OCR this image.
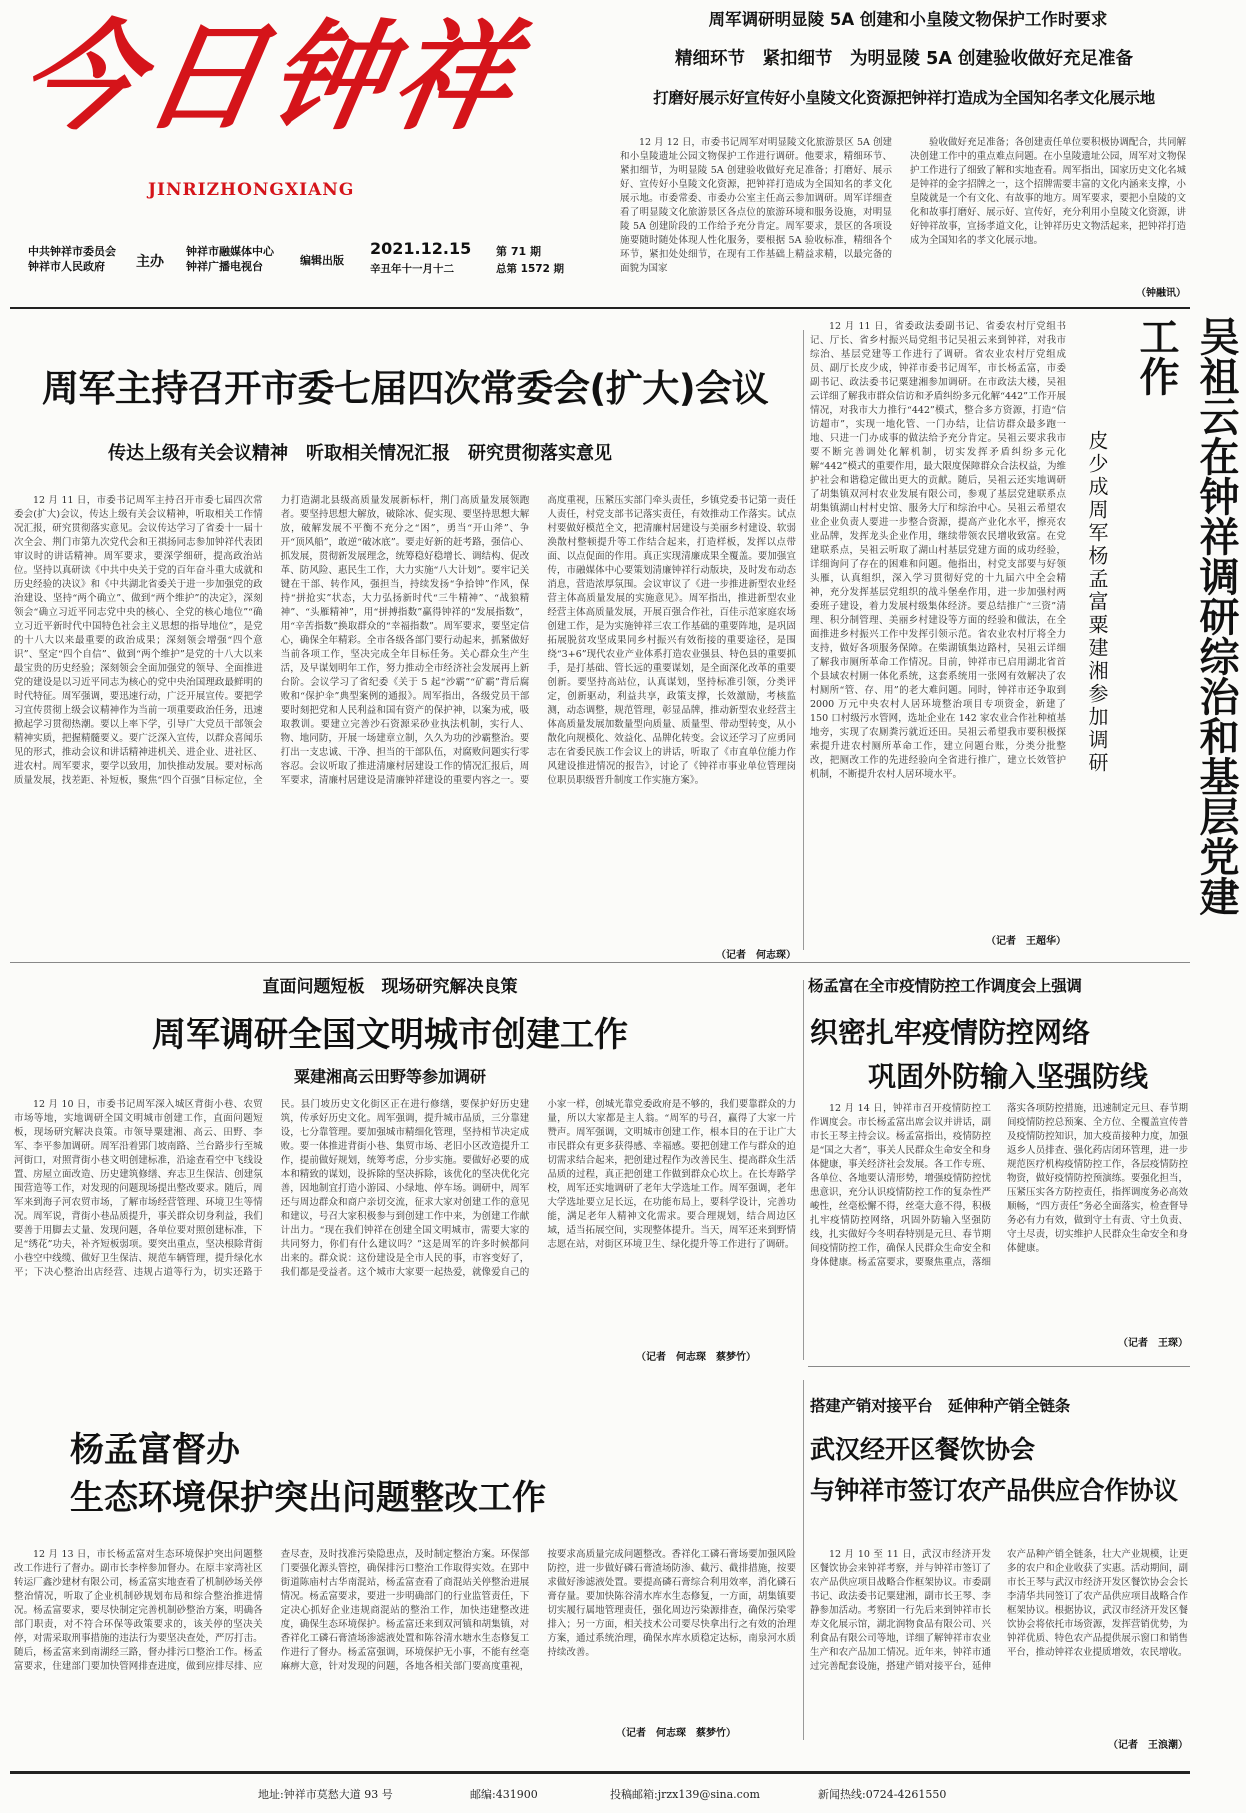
今日钟祥
JINRIZHONGXIANG
中共钟祥市委员会
钟祥市人民政府	主办
钟祥市融媒体中心
钟祥广播电视台	编辑出版
2021.12.15 第 71 期
辛丑年十一月十二	总第 1572 期
周军调研明显陵 5A 创建和小皇陵文物保护工作时要求
精细环节　紧扣细节　为明显陵 5A 创建验收做好充足准备
打磨好展示好宣传好小皇陵文化资源把钟祥打造成为全国知名孝文化展示地

12 月 12 日，市委书记周军对明显陵文化旅游景区 5A 创建和小皇陵遗址公园文物保护工作进行调研。他要求，精细环节、紧扣细节，为明显陵 5A 创建验收做好充足准备；打磨好、展示好、宣传好小皇陵文化资源，把钟祥打造成为全国知名的孝文化展示地。市委常委、市委办公室主任高云参加调研。周军详细查看了明显陵文化旅游景区各点位的旅游环境和服务设施，对明显陵 5A 创建阶段的工作给予充分肯定。周军要求，景区的各项设施要随时随处体现人性化服务，要根据 5A 验收标准，精细各个环节，紧扣处处细节，在现有工作基础上精益求精，以最完备的面貌为国家

验收做好充足准备；各创建责任单位要积极协调配合，共同解决创建工作中的重点难点问题。在小皇陵遗址公园，周军对文物保护工作进行了细致了解和实地查看。周军指出，国家历史文化名城是钟祥的金字招牌之一，这个招牌需要丰富的文化内涵来支撑，小皇陵就是一个有文化、有故事的地方。周军要求，要把小皇陵的文化和故事打磨好、展示好、宣传好，充分利用小皇陵文化资源，讲好钟祥故事，宣扬孝道文化，让钟祥历史文物活起来，把钟祥打造成为全国知名的孝文化展示地。

（钟融讯）
周军主持召开市委七届四次常委会(扩大)会议
传达上级有关会议精神　听取相关情况汇报　研究贯彻落实意见

12 月 11 日，市委书记周军主持召开市委七届四次常委会(扩大)会议，传达上级有关会议精神，听取相关工作情况汇报，研究贯彻落实意见。会议传达学习了省委十一届十次全会、荆门市第九次党代会和王祺扬同志参加钟祥代表团审议时的讲话精神。周军要求，要深学细研，提高政治站位。坚持以真研读《中共中央关于党的百年奋斗重大成就和历史经验的决议》和《中共湖北省委关于进一步加强党的政治建设、坚持“两个确立”、做到“两个维护”的决定》，深刻领会“确立习近平同志党中央的核心、全党的核心地位”“确立习近平新时代中国特色社会主义思想的指导地位”，是党的十八大以来最重要的政治成果；深刻领会增强“四个意识”、坚定“四个自信”、做到“两个维护”是党的十八大以来最宝贵的历史经验；深刻领会全面加强党的领导、全面推进党的建设是以习近平同志为核心的党中央治国理政最鲜明的时代特征。周军强调，要迅速行动，广泛开展宣传。要把学习宣传贯彻上级会议精神作为当前一项重要政治任务，迅速掀起学习贯彻热潮。要以上率下学，引导广大党员干部领会精神实质，把握精髓要义。要广泛深入宣传，以群众喜闻乐见的形式，推动会议和讲话精神进机关、进企业、进社区、进农村。周军要求，要学以致用，加快推动发展。要对标高质量发展，找差距、补短板，聚焦“四个百强”目标定位，全力打造湖北县级高质量发展新标杆，荆门高质量发展领跑者。要坚持思想大解放，破除冰、促实现、要坚持思想大解放，破解发展不平衡不充分之“困”，勇当“开山斧”、争开“顶风船”，敢逆“破冰底”。要走好新的赶考路，强信心、抓发展，贯彻新发展理念，统筹稳好稳增长、调结构、促改革、防风险、惠民生工作，大力实施“八大计划”。要牢记关键在干部、转作风，强担当，持续发扬“争拾钟”作风，保持“拼抢实”状态，大力弘扬新时代“三牛精神”、“战狼精神”、“头雁精神”，用“拼搏指数”赢得钟祥的“发展指数”，用“辛苦指数”换取群众的“幸福指数”。周军要求，要坚定信心，确保全年精彩。全市各级各部门要行动起来，抓紧做好当前各项工作，坚决完成全年目标任务。关心群众生产生活，及早谋划明年工作，努力推动全市经济社会发展再上新台阶。会议学习了省纪委《关于 5 起“沙霸”“矿霸”背后腐败和“保护伞”典型案例的通报》。周军指出，各级党员干部要时刻把党和人民利益和国有资产的保护神，以案为戒，吸取教训。要建立完善沙石资源采砂业执法机制，实行人、物、地同防，开展一场建章立制，久久为功的沙霸整治。要打出一支忠诚、干净、担当的干部队伍，对腐败问题实行零容忍。会议听取了推进清廉村居建设工作的情况汇报后，周军要求，清廉村居建设是清廉钟祥建设的重要内容之一。要高度重视，压紧压实部门牵头责任，乡镇党委书记第一责任人责任，村党支部书记落实责任，有效推动工作落实。试点村要做好模范全文，把清廉村居建设与美丽乡村建设、软弱涣散村整顿提升等工作结合起来，打造样板，发挥以点带面、以点促面的作用。真正实现清廉成果全覆盖。要加强宣传，市融媒体中心要策划清廉钟祥行动版块，及时发布动态消息，营造浓厚氛围。会议审议了《进一步推进新型农业经营主体高质量发展的实施意见》。周军指出，推进新型农业经营主体高质量发展，开展百强合作社，百佳示范家庭农场创建工作，是为实施钟祥三农工作基础的重要阵地，是巩固拓展脱贫攻坚成果同乡村振兴有效衔接的重要途径，是围绕“3+6”现代农业产业体系打造农业强县、特色县的重要抓手，是打基础、管长远的重要谋划，是全面深化改革的重要创新。要坚持高站位，认真谋划，坚持标准引领，分类评定，创新驱动，利益共享，政策支撑，长效激励，考核监测，动态调整，规范管理，彰显品牌，推动新型农业经营主体高质量发展加数量型向质量、质量型、带动型转变，从小散化向规模化、效益化、品牌化转变。会议还学习了应勇同志在省委民族工作会议上的讲话，听取了《市直单位能力作风建设推进情况的报告》，讨论了《钟祥市事业单位管理岗位职员职级晋升制度工作实施方案》。

（记者　何志琛）

12 月 11 日，省委政法委副书记、省委农村厅党组书记、厅长、省乡村振兴局党组书记吴祖云来到钟祥，对我市综治、基层党建等工作进行了调研。省农业农村厅党组成员、副厅长皮少成，钟祥市委书记周军，市长杨孟富，市委副书记、政法委书记粟建湘参加调研。在市政法大楼，吴祖云详细了解我市群众信访和矛盾纠纷多元化解“442”工作开展情况，对我市大力推行“442”模式，整合多方资源，打造“信访超市”，实现一地化管、一门办结，让信访群众最多跑一地、只进一门办成事的做法给予充分肯定。吴祖云要求我市要不断完善调处化解机制，切实发挥矛盾纠纷多元化解“442”模式的重要作用，最大限度保障群众合法权益，为维护社会和谐稳定做出更大的贡献。随后，吴祖云还实地调研了胡集镇双河村农业发展有限公司，参观了基层党建联系点胡集镇湖山村村史馆、服务大厅和综治中心。吴祖云希望农业企业负责人要进一步整合资源，提高产业化水平，擦亮农业品牌，发挥龙头企业作用，继续带领农民增收致富。在党建联系点，吴祖云听取了湖山村基层党建方面的成功经验，详细询问了存在的困难和问题。他指出，村党支部要与好领头雁，认真组织，深入学习贯彻好党的十九届六中全会精神，充分发挥基层党组织的战斗堡垒作用，进一步加强村两委班子建设，着力发展村级集体经济。要总结推广“三资”清理、积分制管理、美丽乡村建设等方面的经验和做法，在全面推进乡村振兴工作中发挥引领示范。省农业农村厅将全力支持，做好各项服务保障。在柴湖镇集边路村，吴祖云详细了解我市厕所革命工作情况。目前，钟祥市已启用湖北省首个县域农村厕一体化系统，这套系统用一张网有效解决了农村厕所“管、存、用”的老大难问题。同时，钟祥市还争取到 2000 万元中央农村人居环境整治项目专项资金，新建了 150 口村级污水管网，选址企业在 142 家农业合作社种植基地旁，实现了农厕粪污就近还田。吴祖云希望我市要积极探索提升进农村厕所革命工作，建立问题台账，分类分批整改，把厕改工作的先进经验向全省进行推广，建立长效管护机制，不断提升农村人居环境水平。

（记者　王超华）
皮少成周军杨孟富粟建湘参加调研	吴祖云在钟祥调研综治和基层党建工作
直面问题短板　现场研究解决良策
周军调研全国文明城市创建工作
粟建湘高云田野等参加调研

12 月 10 日，市委书记周军深入城区背街小巷、农贸市场等地，实地调研全国文明城市创建工作，直面问题短板，现场研究解决良策。市领导粟建湘、高云、田野、李军、李平参加调研。周军沿着郢门坡南路、兰台路步行至城河街口，对照背街小巷文明创建标准，沿途查看空中飞线设置、房屋立面改造、历史建筑修缮、弃志卫生保洁、创建氛围营造等工作，对发现的问题现场提出整改要求。随后，周军来到海子河农贸市场，了解市场经营管理、环境卫生等情况。周军说，背街小巷品质提升，事关群众切身利益，我们要善于用脚去丈量、发现问题，各单位要对照创建标准，下足“绣花”功夫，补齐短板弱项。要突出重点，坚决根除背街小巷空中线缆、做好卫生保洁、规范车辆管理，提升绿化水平；下决心整治出店经营、违规占道等行为，切实还路于民。县门坡历史文化街区正在进行修缮，要保护好历史建筑，传承好历史文化。周军强调，提升城市品质，三分靠建设，七分靠管理。要加强城市精细化管理，坚持相节决定成败。要一体推进背街小巷、集贸市场、老旧小区改造提升工作，提前做好规划，统筹考虑，分步实施。要做好必要的成本和精致的谋划，设拆除的坚决拆除，该优化的坚决优化完善，因地制宜打造小游园、小绿地、停车场。调研中，周军还与周边群众和商户亲切交流，征求大家对创建工作的意见和建议，号召大家积极参与到创建工作中来，为创建工作献计出力。“现在我们钟祥在创建全国文明城市，需要大家的共同努力，你们有什么建议吗？”这是周军的许多时候都问出来的。群众说：这份建设是全市人民的事，市容变好了，我们都是受益者。这个城市大家要一起热爱，就像爱自己的小家一样，创城光靠党委政府是不够的，我们要靠群众的力量，所以大家都是主人翁。“周军的号召，赢得了大家一片赞声。周军强调，文明城市创建工作，根本目的在于让广大市民群众有更多获得感、幸福感。要把创建工作与群众的迫切需求结合起来，把创建过程作为改善民生、提高群众生活品质的过程，真正把创建工作做到群众心坎上。在长寿路学校，周军还实地调研了老年大学选址工作。周军强调，老年大学选址要立足长远，在功能布局上，要科学设计，完善功能，满足老年人精神文化需求。要合理规划，结合周边区域，适当拓展空间，实现整体提升。当天，周军还来到野情志愿在站，对街区环境卫生、绿化提升等工作进行了调研。

（记者　何志琛　蔡梦竹）
杨孟富在全市疫情防控工作调度会上强调
织密扎牢疫情防控网络
巩固外防输入坚强防线

12 月 14 日，钟祥市召开疫情防控工作调度会。市长杨孟富出席会议并讲话，副市长王琴主持会议。杨孟富指出，疫情防控是“国之大者”，事关人民群众生命安全和身体健康，事关经济社会发展。各工作专班、各单位、各地要认清形势，增强疫情防控忧患意识，充分认识疫情防控工作的复杂性严峻性，丝毫松懈不得，丝毫大意不得，积极扎牢疫情防控网络，巩固外防输入坚强防线，扎实做好今冬明春特别是元旦、春节期间疫情防控工作，确保人民群众生命安全和身体健康。杨孟富要求，要聚焦重点，落细落实各项防控措施，迅速制定元旦、春节期间疫情防控总预案、全方位、全覆盖宣传普及疫情防控知识，加大疫苗接种力度，加强返乡人员排查、强化药店闭环管理，进一步规范医疗机构疫情防控工作，各层疫情防控物资，做好疫情防控预演练。要强化担当，压紧压实各方防控责任，指挥调度务必高效顺畅，“四方责任”务必全面落实，检查督导务必有力有效，做到守土有责、守土负责、守土尽责，切实维护人民群众生命安全和身体健康。

（记者　王琛）
杨孟富督办
生态环境保护突出问题整改工作

12 月 13 日，市长杨孟富对生态环境保护突出问题整改工作进行了督办。副市长李梓参加督办。在原丰家湾社区转运厂鑫沙建材有限公司，杨孟富实地查看了机制砂场关停整治情况，听取了企业机制砂规划布局和综合整治推进情况。杨孟富要求，要尽快制定完善机制砂整治方案，明确各部门职责，对不符合环保等政策要求的，该关停的坚决关停，对需采取刑事措施的违法行为要坚决查处，严厉打击。随后，杨孟富来到南湖经三路，督办排污口整治工作。杨孟富要求，住建部门要加快管网排查进度，做到应排尽排、应查尽查，及时找准污染隐患点，及时制定整治方案。环保部门要强化源头管控，确保排污口整治工作取得实效。在郢中街道陈庙村古华南混站，杨孟富查看了商混站关停整治进展情况。杨孟富要求，要进一步明确部门的行业监管责任，下定决心抓好企业违规商混站的整治工作，加快违建整改进度，确保生态环境保护。杨孟富还来到双河镇和胡集镇，对香祥化工磷石膏渣场渗滤液处置和陈谷清水塘水生态修复工作进行了督办。杨孟富强调，环境保护无小事，不能有丝毫麻痹大意，针对发现的问题，各地各相关部门要高度重视，按要求高质量完成问题整改。香祥化工磷石膏场要加强风险防控，进一步做好磷石膏渣场防渗、截污、截排措施，按要求做好渗滤液处置。要提高磷石膏综合利用效率，消化磷石膏存量。要加快陈谷清水库水生态修复，一方面，胡集镇要切实履行属地管理责任，强化周边污染源排查，确保污染零排入；另一方面，相关技术公司要尽快拿出行之有效的治理方案，通过系统治理，确保水库水质稳定达标，南泉河水质持续改善。

（记者　何志琛　蔡梦竹）
搭建产销对接平台　延伸种产销全链条
武汉经开区餐饮协会
与钟祥市签订农产品供应合作协议

12 月 10 至 11 日，武汉市经济开发区餐饮协会来钟祥考察，并与钟祥市签订了农产品供应项目战略合作框架协议。市委副书记、政法委书记粟建湘，副市长王琴、李静参加活动。考察团一行先后来到钟祥市长寿文化展示馆，湖北润物食品有限公司、兴利食品有限公司等地，详细了解钟祥市农业生产和农产品加工情况。近年来，钟祥市通过完善配套设施，搭建产销对接平台，延伸农产品种产销全链条，壮大产业规模，让更多的农户和企业收获了实惠。活动期间，副市长王琴与武汉市经济开发区餐饮协会会长李清华共同签订了农产品供应项目战略合作框架协议。根据协议，武汉市经济开发区餐饮协会将依托市场资源，发挥营销优势，为钟祥优质、特色农产品提供展示窗口和销售平台，推动钟祥农业提质增效，农民增收。

（记者　王浪潮）
地址:钟祥市莫愁大道 93 号	邮编:431900	投稿邮箱:jrzx139@sina.com	新闻热线:0724-4261550
